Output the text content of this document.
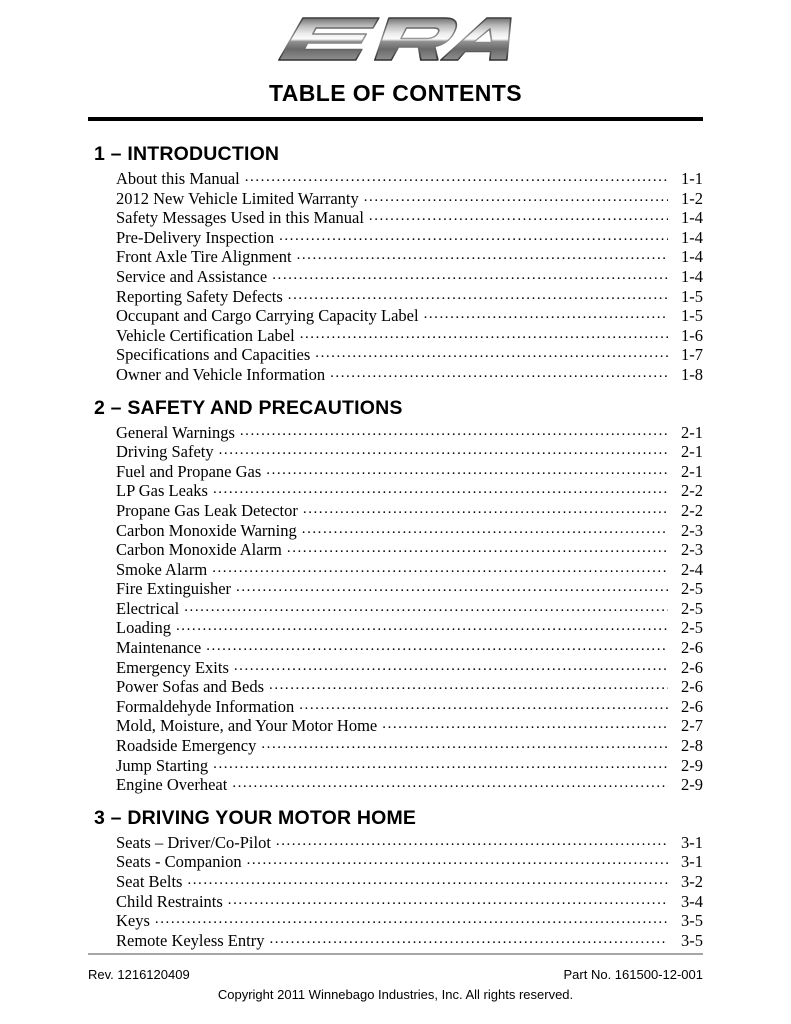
TABLE OF CONTENTS
1 – INTRODUCTION
About this Manual . . .	1-1
2012 New Vehicle Limited Warranty . . .	1-2
Safety Messages Used in this Manual . . .	1-4
Pre-Delivery Inspection . . .	1-4
Front Axle Tire Alignment . . .	1-4
Service and Assistance . . .	1-4
Reporting Safety Defects . . .	1-5
Occupant and Cargo Carrying Capacity Label . . .	1-5
Vehicle Certification Label . . .	1-6
Specifications and Capacities . . .	1-7
Owner and Vehicle Information . . .	1-8
2 – SAFETY AND PRECAUTIONS
General Warnings . . .	2-1
Driving Safety . . .	2-1
Fuel and Propane Gas . . .	2-1
LP Gas Leaks . . .	2-2
Propane Gas Leak Detector . . .	2-2
Carbon Monoxide Warning . . .	2-3
Carbon Monoxide Alarm . . .	2-3
Smoke Alarm . . .	2-4
Fire Extinguisher . . .	2-5
Electrical . . .	2-5
Loading . . .	2-5
Maintenance . . .	2-6
Emergency Exits . . .	2-6
Power Sofas and Beds . . .	2-6
Formaldehyde Information . . .	2-6
Mold, Moisture, and Your Motor Home . . .	2-7
Roadside Emergency . . .	2-8
Jump Starting . . .	2-9
Engine Overheat . . .	2-9
3 – DRIVING YOUR MOTOR HOME
Seats – Driver/Co-Pilot . . .	3-1
Seats - Companion . . .	3-1
Seat Belts . . .	3-2
Child Restraints . . .	3-4
Keys . . .	3-5
Remote Keyless Entry . . .	3-5
Rev. 1216120409	Part No. 161500-12-001
Copyright 2011 Winnebago Industries, Inc. All rights reserved.
